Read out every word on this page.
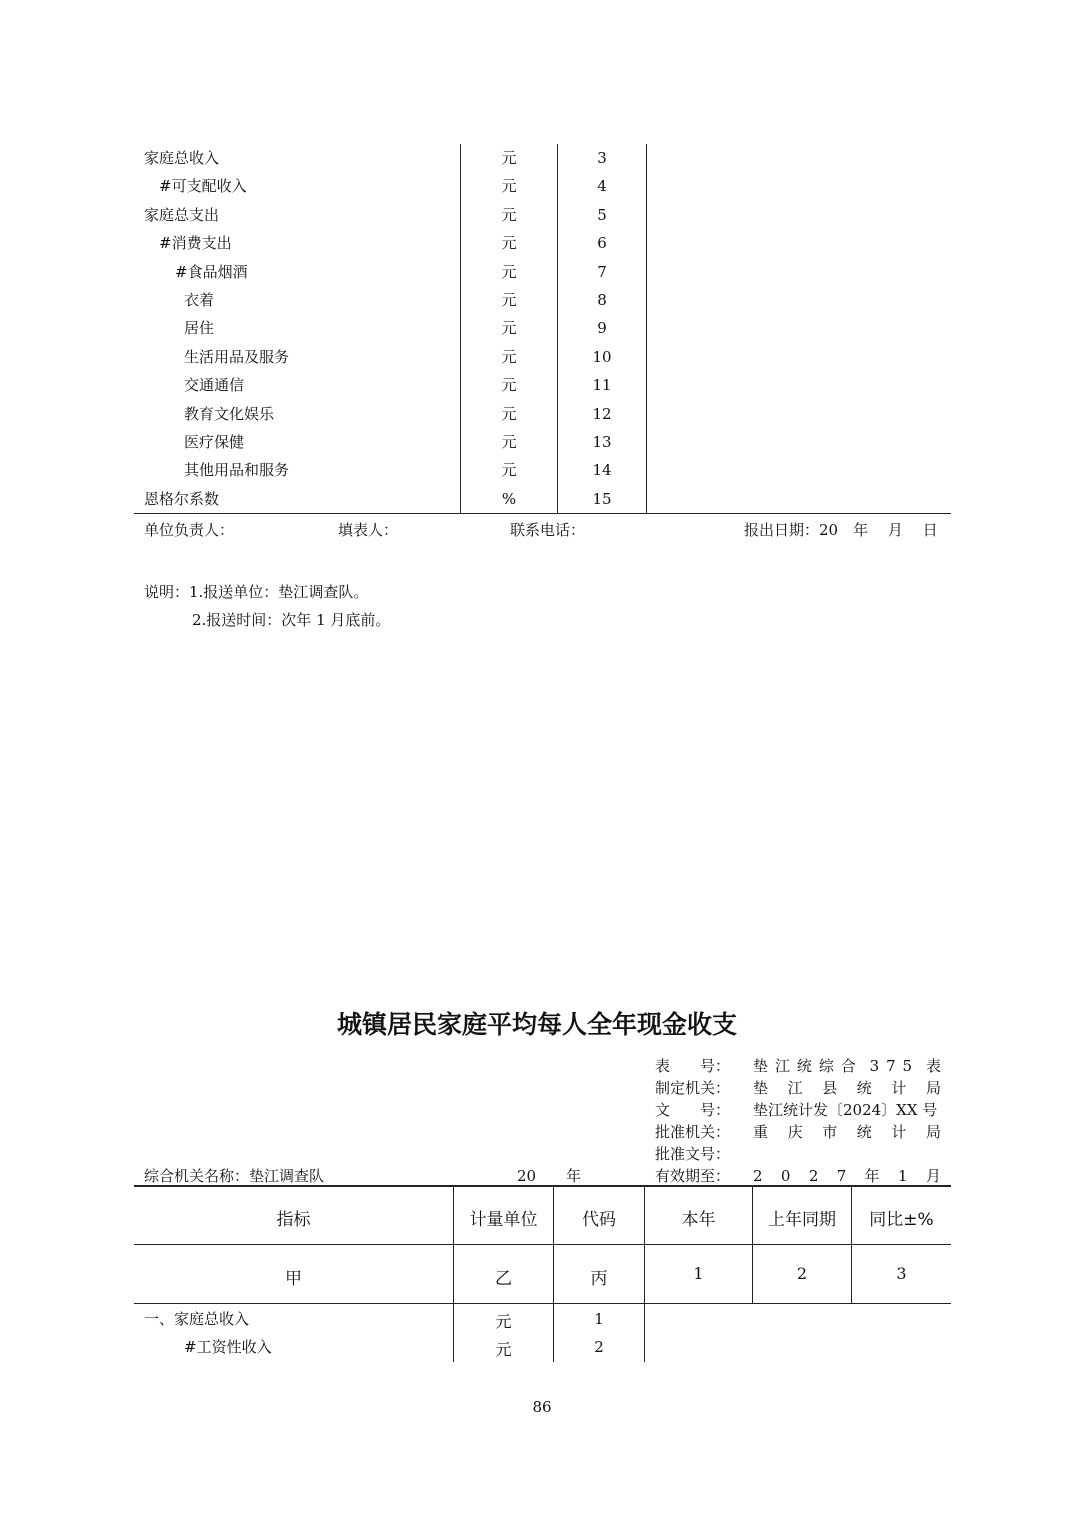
家庭总收入	元	3
#可支配收入	元	4
家庭总支出	元	5
#消费支出	元	6
#食品烟酒	元	7
衣着	元	8
居住	元	9
生活用品及服务	元	10
交通通信	元	11
教育文化娱乐	元	12
医疗保健	元	13
其他用品和服务	元	14
恩格尔系数	%	15
单位负责人：	填表人：	联系电话：	报出日期：20　年　 月　 日
说明：1.报送单位：垫江调查队。
2.报送时间：次年 1 月底前。
城镇居民家庭平均每人全年现金收支
表　　号： 垫 江 统 综 合 3 7 5 表
制定机关： 垫 江 县 统 计 局
文　　号： 垫江统计发〔2024〕XX 号
批准机关： 重 庆 市 统 计 局
批准文号：
有效期至： 2 0 2 7 年 1 月
综合机关名称：垫江调查队	20　　年
指标	计量单位	代码	本年	上年同期	同比±%
甲	乙	丙	1	2	3
一、家庭总收入	元	1
#工资性收入	元	2
86
